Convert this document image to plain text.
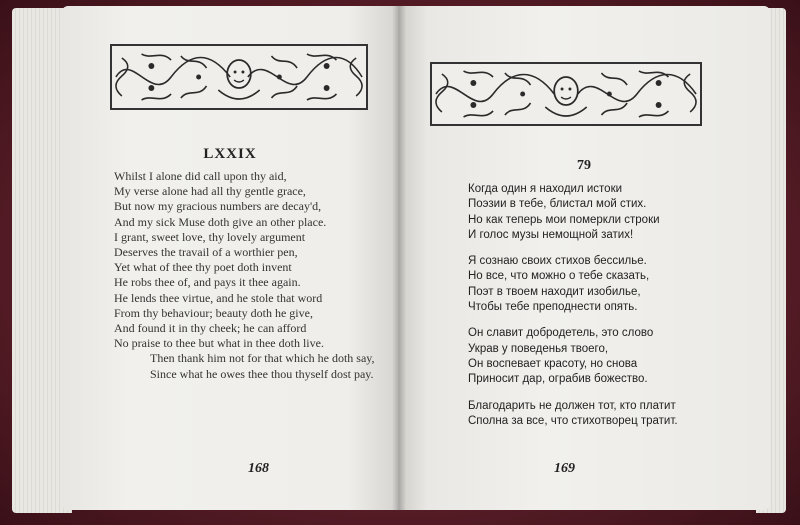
LXXIX
Whilst I alone did call upon thy aid,
My verse alone had all thy gentle grace,
But now my gracious numbers are decay'd,
And my sick Muse doth give an other place.
I grant, sweet love, thy lovely argument
Deserves the travail of a worthier pen,
Yet what of thee thy poet doth invent
He robs thee of, and pays it thee again.
He lends thee virtue, and he stole that word
From thy behaviour; beauty doth he give,
And found it in thy cheek; he can afford
No praise to thee but what in thee doth live.
Then thank him not for that which he doth say,
Since what he owes thee thou thyself dost pay.
168
79
Когда один я находил истоки
Поэзии в тебе, блистал мой стих.
Но как теперь мои померкли строки
И голос музы немощной затих!
Я сознаю своих стихов бессилье.
Но все, что можно о тебе сказать,
Поэт в твоем находит изобилье,
Чтобы тебе преподнести опять.
Он славит добродетель, это слово
Украв у поведенья твоего,
Он воспевает красоту, но снова
Приносит дар, ограбив божество.
Благодарить не должен тот, кто платит
Сполна за все, что стихотворец тратит.
169
